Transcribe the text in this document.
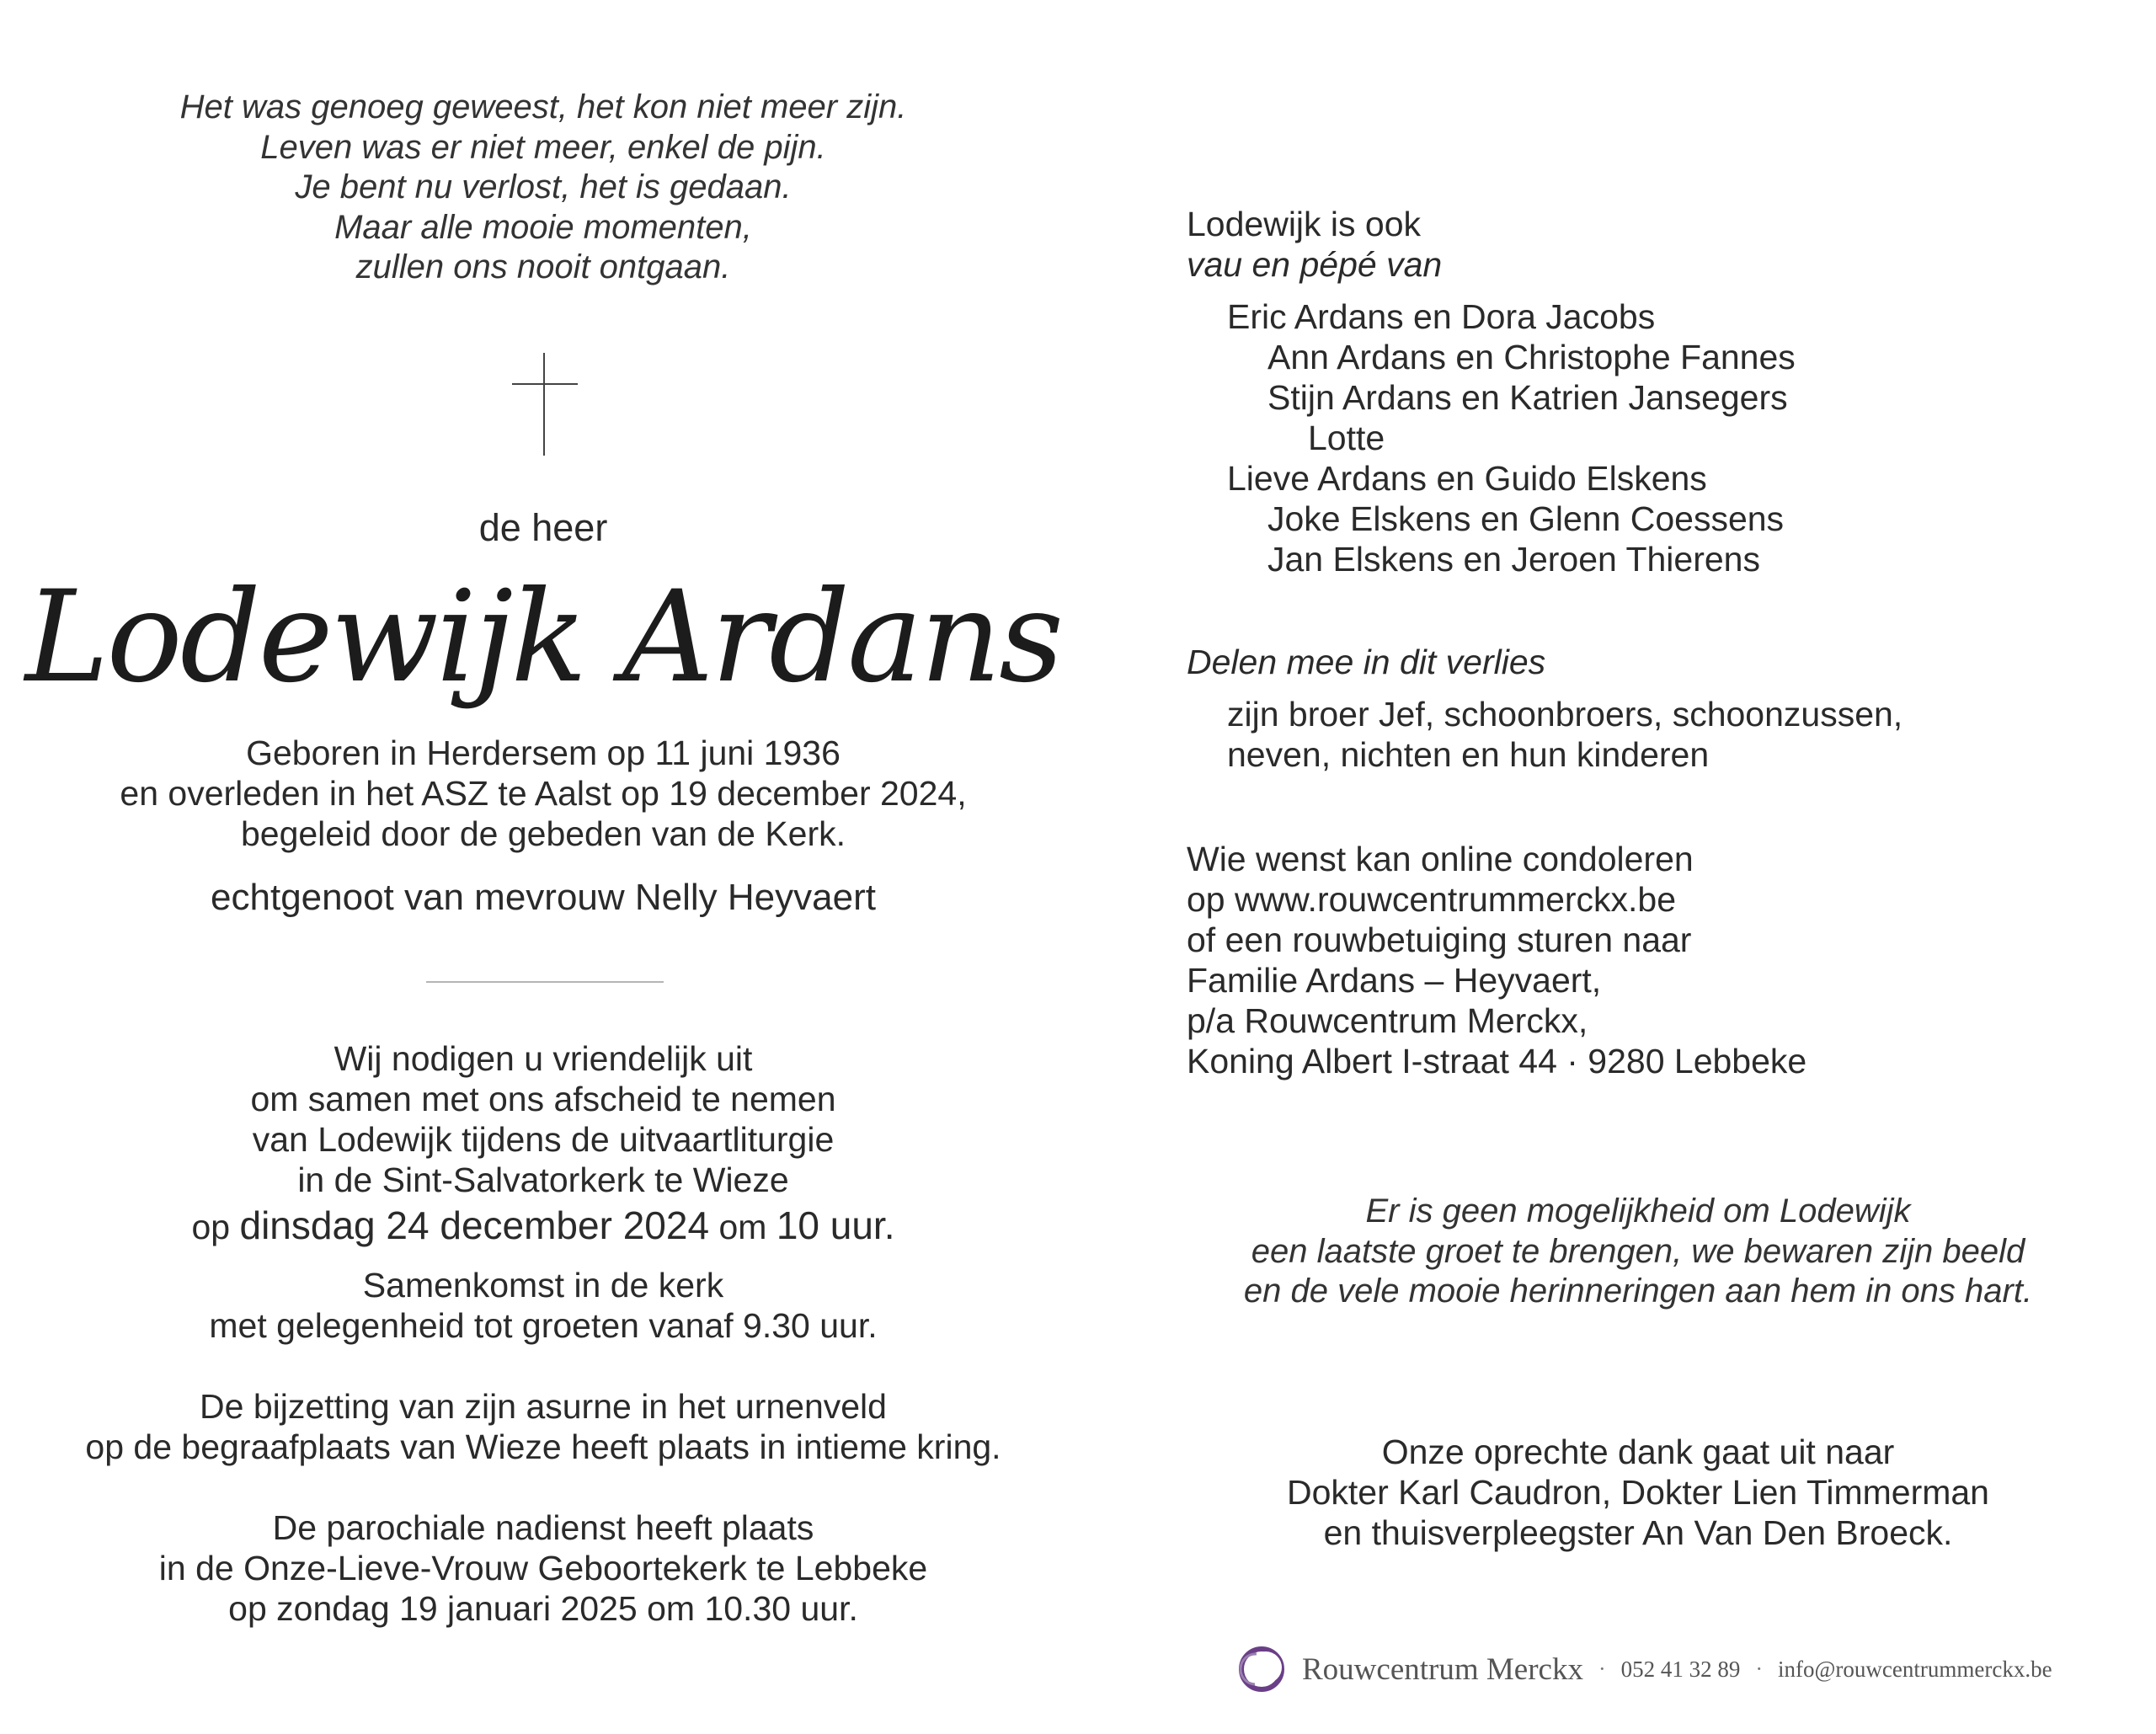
Het was genoeg geweest, het kon niet meer zijn.
Leven was er niet meer, enkel de pijn.
Je bent nu verlost, het is gedaan.
Maar alle mooie momenten,
zullen ons nooit ontgaan.
de heer
Lodewijk Ardans
Geboren in Herdersem op 11 juni 1936
en overleden in het ASZ te Aalst op 19 december 2024,
begeleid door de gebeden van de Kerk.
echtgenoot van mevrouw Nelly Heyvaert
Wij nodigen u vriendelijk uit
om samen met ons afscheid te nemen
van Lodewijk tijdens de uitvaartliturgie
in de Sint-Salvatorkerk te Wieze
op dinsdag 24 december 2024 om 10 uur.
Samenkomst in de kerk
met gelegenheid tot groeten vanaf 9.30 uur.
De bijzetting van zijn asurne in het urnenveld
op de begraafplaats van Wieze heeft plaats in intieme kring.
De parochiale nadienst heeft plaats
in de Onze-Lieve-Vrouw Geboortekerk te Lebbeke
op zondag 19 januari 2025 om 10.30 uur.
Lodewijk is ook
vau en pépé van
Eric Ardans en Dora Jacobs
Ann Ardans en Christophe Fannes
Stijn Ardans en Katrien Jansegers
Lotte
Lieve Ardans en Guido Elskens
Joke Elskens en Glenn Coessens
Jan Elskens en Jeroen Thierens
Delen mee in dit verlies
zijn broer Jef, schoonbroers, schoonzussen,
neven, nichten en hun kinderen
Wie wenst kan online condoleren
op www.rouwcentrummerckx.be
of een rouwbetuiging sturen naar
Familie Ardans – Heyvaert,
p/a Rouwcentrum Merckx,
Koning Albert I-straat 44 · 9280 Lebbeke
Er is geen mogelijkheid om Lodewijk
een laatste groet te brengen, we bewaren zijn beeld
en de vele mooie herinneringen aan hem in ons hart.
Onze oprechte dank gaat uit naar
Dokter Karl Caudron, Dokter Lien Timmerman
en thuisverpleegster An Van Den Broeck.
Rouwcentrum Merckx · 052 41 32 89 · info@rouwcentrummerckx.be
